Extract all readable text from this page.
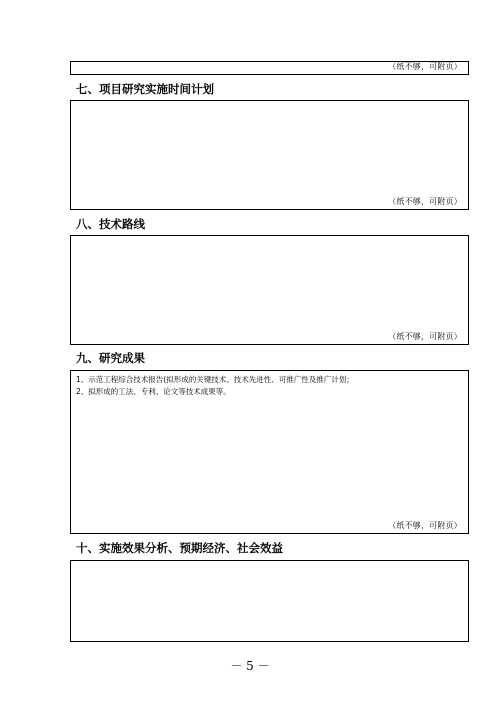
（纸不够，可附页）
七、项目研究实施时间计划
（纸不够，可附页）
八、技术路线
（纸不够，可附页）
九、研究成果
1、示范工程综合技术报告(拟形成的关键技术、技术先进性、可推广性及推广计划；
2、拟形成的工法、专利、论文等技术成果等。
（纸不够，可附页）
十、实施效果分析、预期经济、社会效益
－ 5 －
